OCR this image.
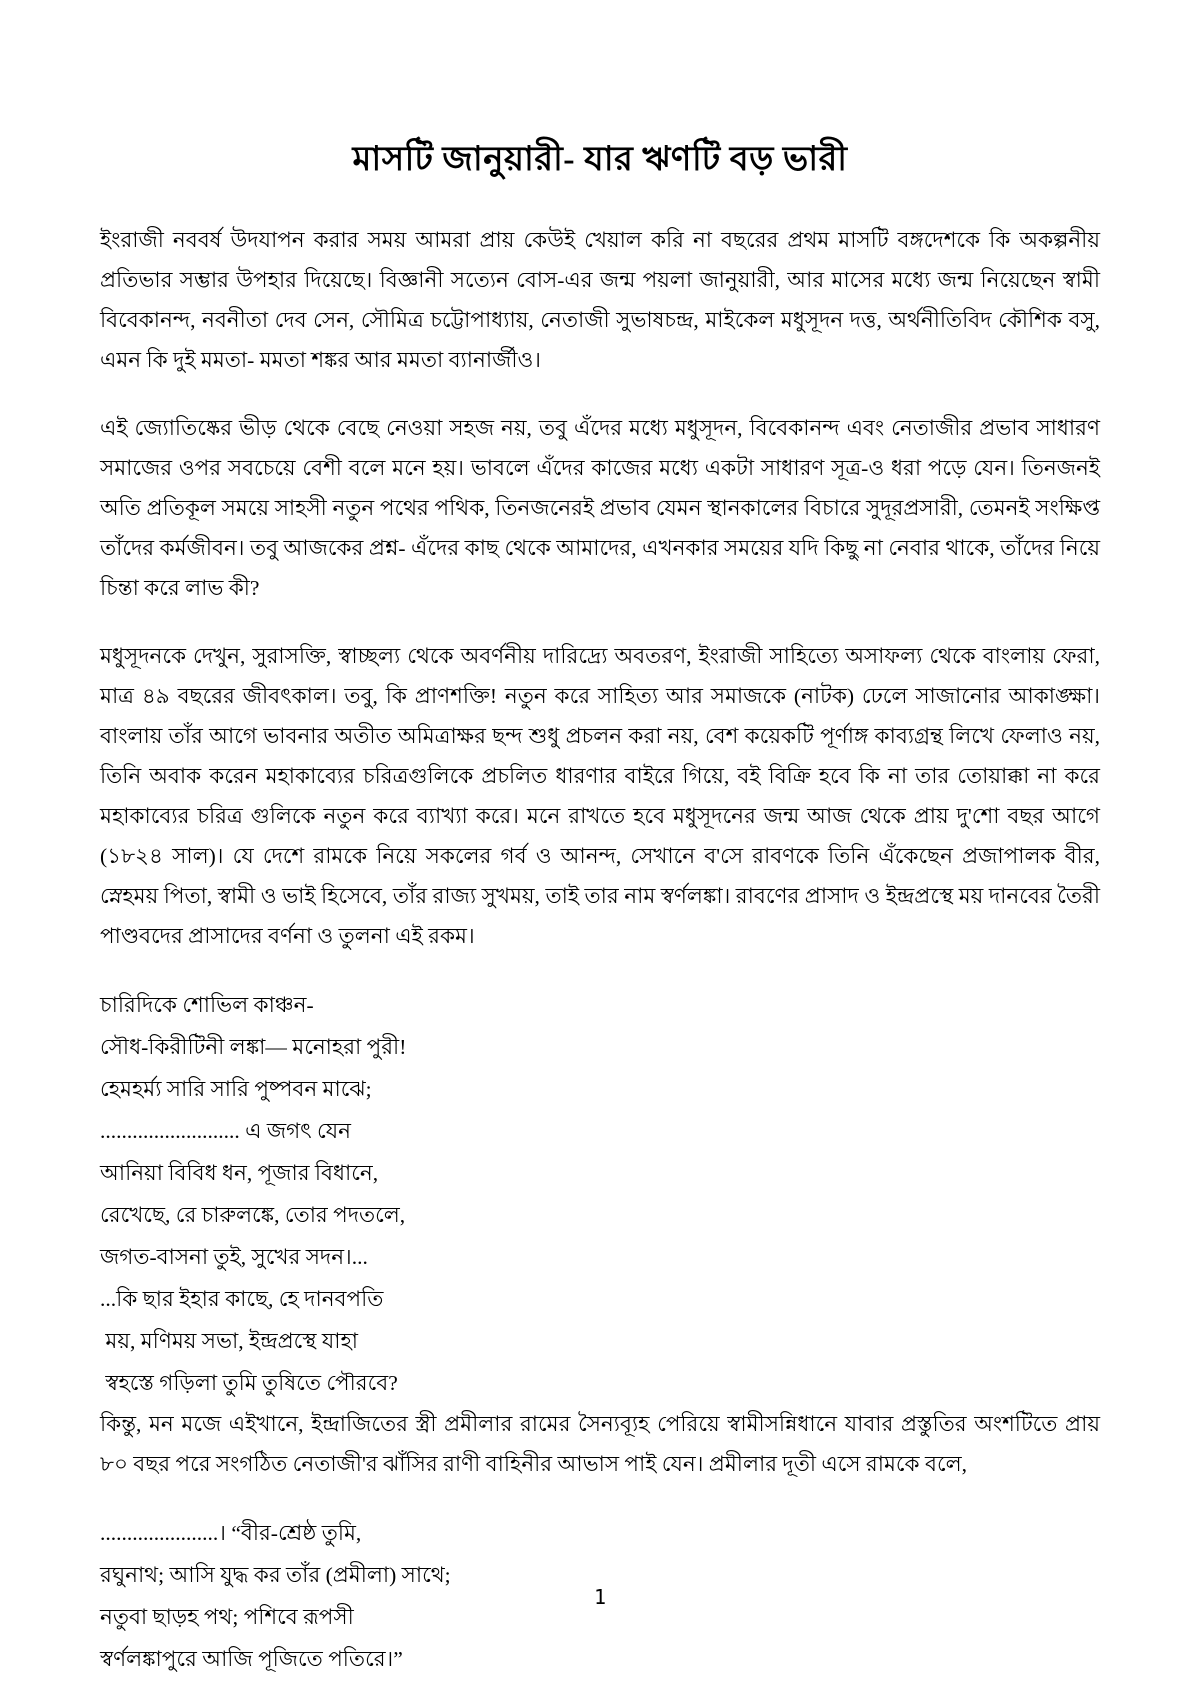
মাসটি জানুয়ারী- যার ঋণটি বড় ভারী

ইংরাজী নববর্ষ উদযাপন করার সময় আমরা প্রায় কেউই খেয়াল করি না বছরের প্রথম মাসটি বঙ্গদেশকে কি অকল্পনীয় প্রতিভার সম্ভার উপহার দিয়েছে। বিজ্ঞানী সত্যেন বোস-এর জন্ম পয়লা জানুয়ারী, আর মাসের মধ্যে জন্ম নিয়েছেন স্বামী বিবেকানন্দ, নবনীতা দেব সেন, সৌমিত্র চট্টোপাধ্যায়, নেতাজী সুভাষচন্দ্র, মাইকেল মধুসূদন দত্ত, অর্থনীতিবিদ কৌশিক বসু, এমন কি দুই মমতা- মমতা শঙ্কর আর মমতা ব্যানার্জীও।

এই জ্যোতিষ্কের ভীড় থেকে বেছে নেওয়া সহজ নয়, তবু এঁদের মধ্যে মধুসূদন, বিবেকানন্দ এবং নেতাজীর প্রভাব সাধারণ সমাজের ওপর সবচেয়ে বেশী বলে মনে হয়। ভাবলে এঁদের কাজের মধ্যে একটা সাধারণ সূত্র-ও ধরা পড়ে যেন। তিনজনই অতি প্রতিকূল সময়ে সাহসী নতুন পথের পথিক, তিনজনেরই প্রভাব যেমন স্থানকালের বিচারে সুদূরপ্রসারী, তেমনই সংক্ষিপ্ত তাঁদের কর্মজীবন। তবু আজকের প্রশ্ন- এঁদের কাছ থেকে আমাদের, এখনকার সময়ের যদি কিছু না নেবার থাকে, তাঁদের নিয়ে চিন্তা করে লাভ কী?

মধুসূদনকে দেখুন, সুরাসক্তি, স্বাচ্ছল্য থেকে অবর্ণনীয় দারিদ্র্যে অবতরণ, ইংরাজী সাহিত্যে অসাফল্য থেকে বাংলায় ফেরা, মাত্র ৪৯ বছরের জীবৎকাল। তবু, কি প্রাণশক্তি! নতুন করে সাহিত্য আর সমাজকে (নাটক) ঢেলে সাজানোর আকাঙ্ক্ষা। বাংলায় তাঁর আগে ভাবনার অতীত অমিত্রাক্ষর ছন্দ শুধু প্রচলন করা নয়, বেশ কয়েকটি পূর্ণাঙ্গ কাব্যগ্রন্থ লিখে ফেলাও নয়, তিনি অবাক করেন মহাকাব্যের চরিত্রগুলিকে প্রচলিত ধারণার বাইরে গিয়ে, বই বিক্রি হবে কি না তার তোয়াক্কা না করে মহাকাব্যের চরিত্র গুলিকে নতুন করে ব্যাখ্যা করে। মনে রাখতে হবে মধুসূদনের জন্ম আজ থেকে প্রায় দু'শো বছর আগে (১৮২৪ সাল)। যে দেশে রামকে নিয়ে সকলের গর্ব ও আনন্দ, সেখানে ব'সে রাবণকে তিনি এঁকেছেন প্রজাপালক বীর, স্নেহময় পিতা, স্বামী ও ভাই হিসেবে, তাঁর রাজ্য সুখময়, তাই তার নাম স্বর্ণলঙ্কা। রাবণের প্রাসাদ ও ইন্দ্রপ্রস্থে ময় দানবের তৈরী পাণ্ডবদের প্রাসাদের বর্ণনা ও তুলনা এই রকম।

চারিদিকে শোভিল কাঞ্চন-
সৌধ-কিরীটিনী লঙ্কা— মনোহরা পুরী!
হেমহর্ম্য সারি সারি পুষ্পবন মাঝে;
.......................... এ জগৎ যেন
আনিয়া বিবিধ ধন, পূজার বিধানে,
রেখেছে, রে চারুলঙ্কে, তোর পদতলে,
জগত-বাসনা তুই, সুখের সদন।...
...কি ছার ইহার কাছে, হে দানবপতি
ময়, মণিময় সভা, ইন্দ্রপ্রস্থে যাহা
স্বহস্তে গড়িলা তুমি তুষিতে পৌরবে?

কিন্তু, মন মজে এইখানে, ইন্দ্রাজিতের স্ত্রী প্রমীলার রামের সৈন্যব্যূহ পেরিয়ে স্বামীসন্নিধানে যাবার প্রস্তুতির অংশটিতে প্রায় ৮০ বছর পরে সংগঠিত নেতাজী'র ঝাঁসির রাণী বাহিনীর আভাস পাই যেন। প্রমীলার দূতী এসে রামকে বলে,

......................। “বীর-শ্রেষ্ঠ তুমি,
রঘুনাথ; আসি যুদ্ধ কর তাঁর (প্রমীলা) সাথে;
নতুবা ছাড়হ পথ; পশিবে রূপসী
স্বর্ণলঙ্কাপুরে আজি পূজিতে পতিরে।”
1
